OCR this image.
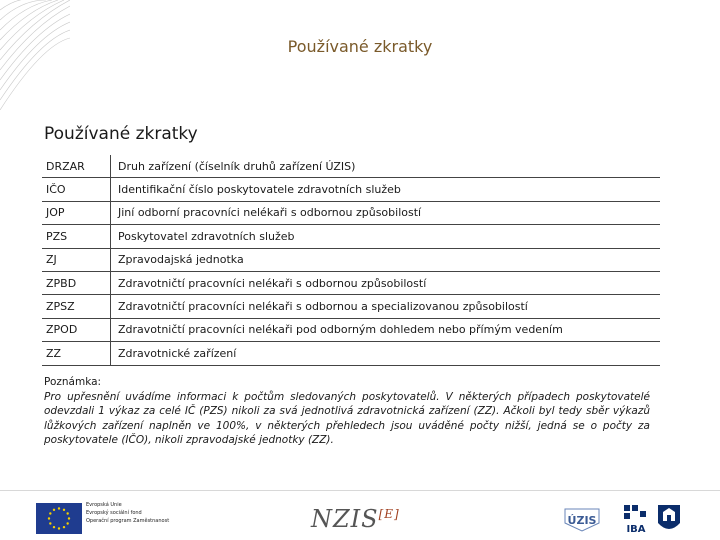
Používané zkratky
Používané zkratky
DRZAR	Druh zařízení (číselník druhů zařízení ÚZIS)
IČO	Identifikační číslo poskytovatele zdravotních služeb
JOP	Jiní odborní pracovníci nelékaři s odbornou způsobilostí
PZS	Poskytovatel zdravotních služeb
ZJ	Zpravodajská jednotka
ZPBD	Zdravotničtí pracovníci nelékaři s odbornou způsobilostí
ZPSZ	Zdravotničtí pracovníci nelékaři s odbornou a specializovanou způsobilostí
ZPOD	Zdravotničtí pracovníci nelékaři pod odborným dohledem nebo přímým vedením
ZZ	Zdravotnické zařízení
Poznámka:
Pro upřesnění uvádíme informaci k počtům sledovaných poskytovatelů. V některých případech poskytovatelé odevzdali 1 výkaz za celé IČ (PZS) nikoli za svá jednotlivá zdravotnická zařízení (ZZ). Ačkoli byl tedy sběr výkazů lůžkových zařízení naplněn ve 100%, v některých přehledech jsou uváděné počty nižší, jedná se o počty za poskytovatele (IČO), nikoli zpravodajské jednotky (ZZ).
Evropská Unie
Evropský sociální fond
Operační program Zaměstnanost	NZIS[E]	ÚZIS
IBA
